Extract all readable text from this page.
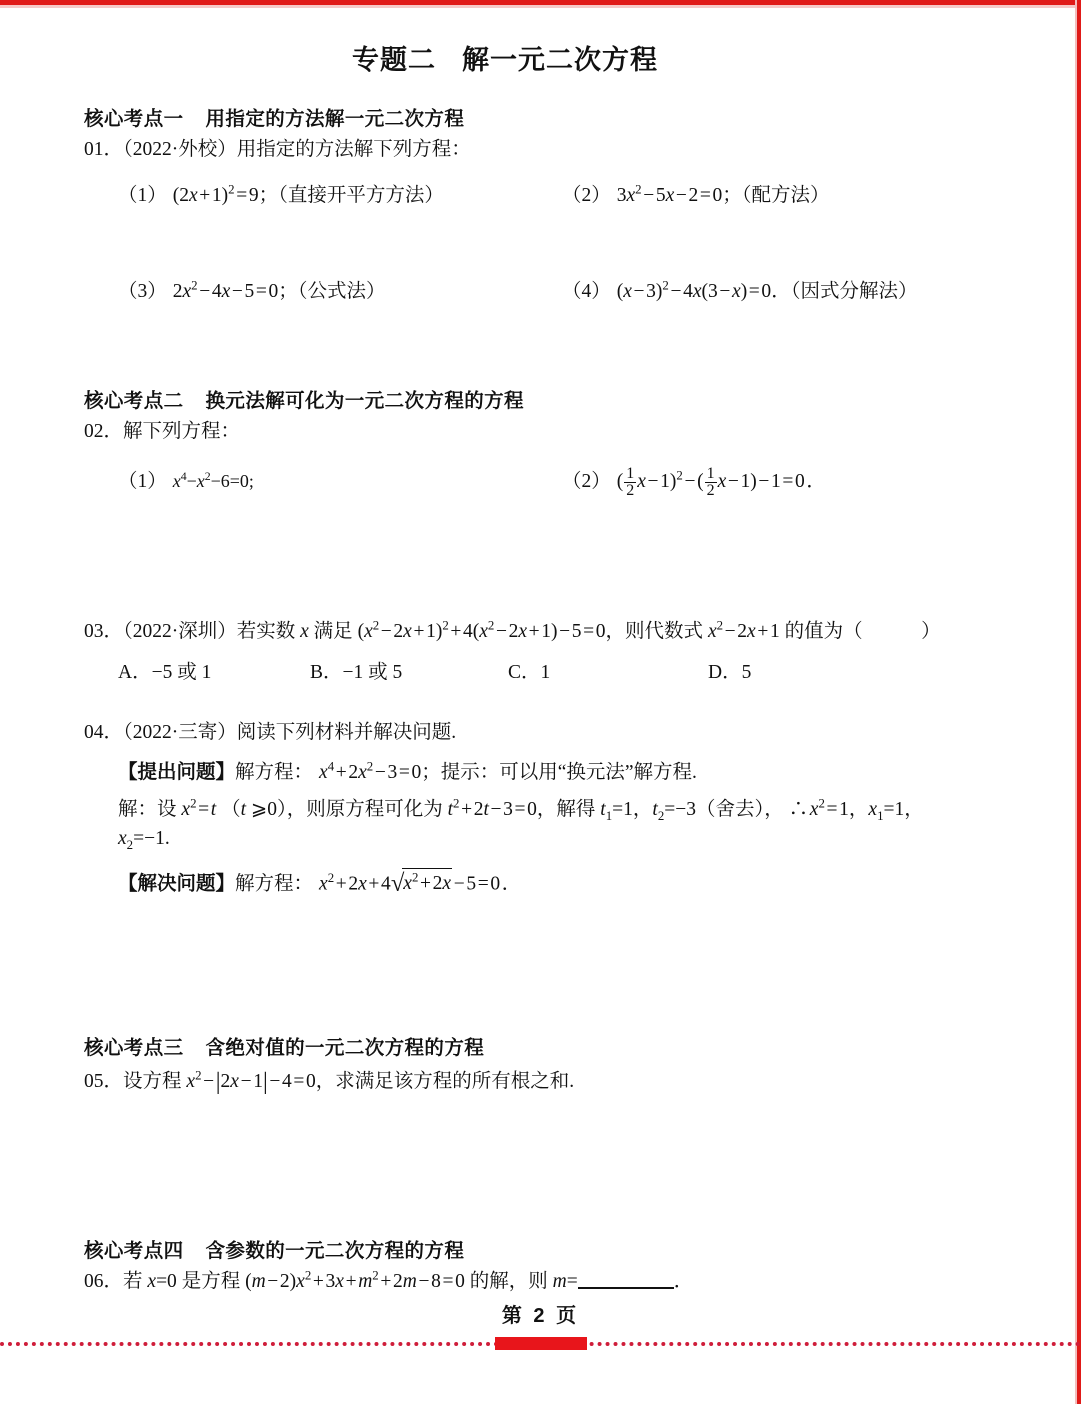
专题二 解一元二次方程
核心考点一 用指定的方法解一元二次方程
01．（2022·外校）用指定的方法解下列方程：
（1） (2x + 1)$^2$ = 9；（直接开平方方法）	（2） $3x^2$ − 5x − 2 = 0；（配方法）
（3） $2x^2$ − 4x − 5 = 0；（公式法）	（4） (x − 3)$^2$ − 4x(3 − x) = 0．（因式分解法）
核心考点二 换元法解可化为一元二次方程的方程
02．解下列方程：
（1） $x^4-x^2-6=0$;	（2） ( $\frac{1}{2}$ x − 1)$^2$ − ( $\frac{1}{2}$ x − 1) − 1 = 0 ．
03．（2022·深圳）若实数 x 满足 ($x^2$ − 2x + 1)$^2$ + $4(x^2$ − 2x + 1) − 5 = 0，则代数式 $x^2$ − 2x + 1 的值为（　　　）
A．−5 或 1	B．−1 或 5	C．1	D．5
04．（2022·三寄）阅读下列材料并解决问题.
【提出问题】解方程： $x^4$ + $2x^2$ − 3 = 0；提示：可以用“换元法”解方程.
解：设 $x^2$ = t （t ⩾0），则原方程可化为 $t^2$ + 2t − 3 = 0，解得 $t_1=1$，$t_2=-3$（舍去）， ∴ $x^2$ = 1，$x_1=1$，
$x_2=-1$.
【解决问题】解方程： $x^2$ + 2x + $4√x^2$ + 2x − 5 = 0 ．
核心考点三 含绝对值的一元二次方程的方程
05．设方程 $x^2$ − |2x − 1| − 4 = 0，求满足该方程的所有根之和.
核心考点四 含参数的一元二次方程的方程
06．若 x=0 是方程 (m − $2)x^2$ + 3x + $m^2$ + 2m − 8 = 0 的解，则 m=	．
第 2 页
